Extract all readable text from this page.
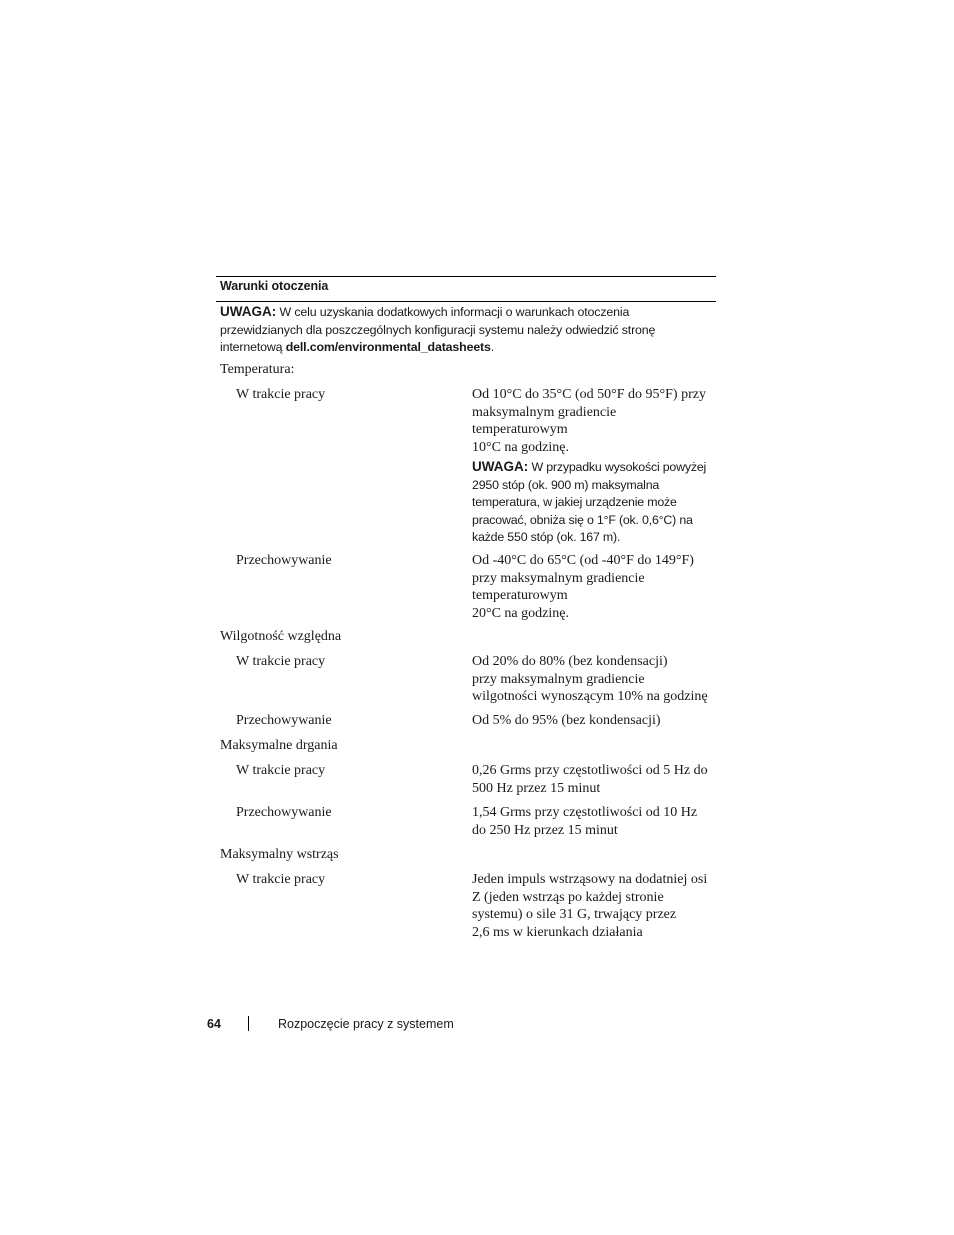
Warunki otoczenia
UWAGA: W celu uzyskania dodatkowych informacji o warunkach otoczenia przewidzianych dla poszczególnych konfiguracji systemu należy odwiedzić stronę internetową dell.com/environmental_datasheets.
Temperatura:
W trakcie pracy	Od 10°C do 35°C (od 50°F do 95°F) przy
maksymalnym gradiencie
temperaturowym
10°C na godzinę.
UWAGA: W przypadku wysokości powyżej
2950 stóp (ok. 900 m) maksymalna
temperatura, w jakiej urządzenie może
pracować, obniża się o 1°F (ok. 0,6°C) na
każde 550 stóp (ok. 167 m).
Przechowywanie	Od -40°C do 65°C (od -40°F do 149°F)
przy maksymalnym gradiencie
temperaturowym
20°C na godzinę.
Wilgotność względna
W trakcie pracy	Od 20% do 80% (bez kondensacji)
przy maksymalnym gradiencie
wilgotności wynoszącym 10% na godzinę
Przechowywanie	Od 5% do 95% (bez kondensacji)
Maksymalne drgania
W trakcie pracy	0,26 Grms przy częstotliwości od 5 Hz do
500 Hz przez 15 minut
Przechowywanie	1,54 Grms przy częstotliwości od 10 Hz
do 250 Hz przez 15 minut
Maksymalny wstrząs
W trakcie pracy	Jeden impuls wstrząsowy na dodatniej osi
Z (jeden wstrząs po każdej stronie
systemu) o sile 31 G, trwający przez
2,6 ms w kierunkach działania
64	Rozpoczęcie pracy z systemem
